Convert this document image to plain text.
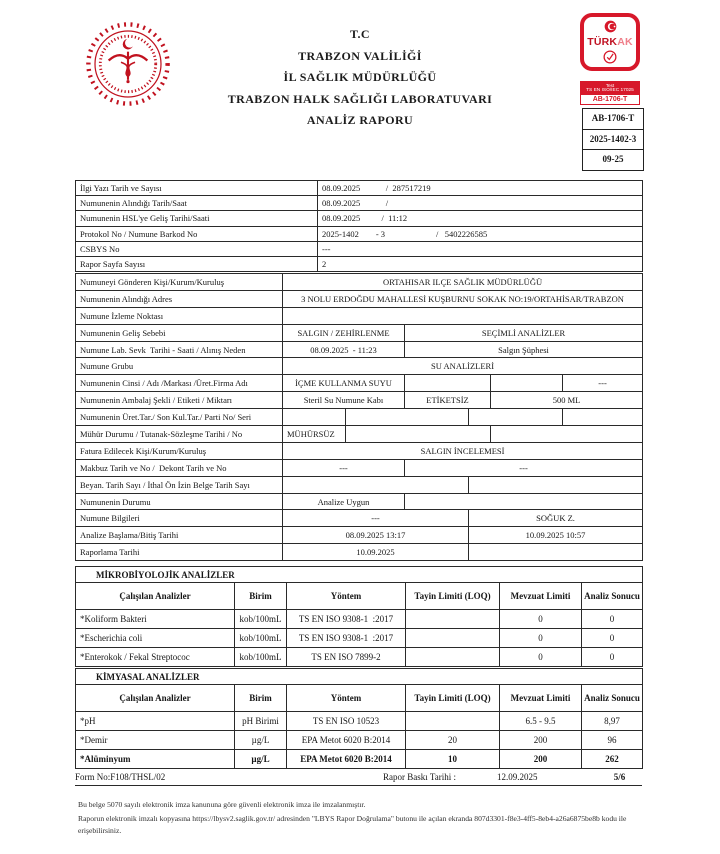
T.C
TRABZON VALİLİĞİ
İL SAĞLIK MÜDÜRLÜĞÜ
TRABZON HALK SAĞLIĞI LABORATUVARI
ANALİZ RAPORU
TÜRKAK
Test
TS EN ISO/IEC 17025
AB-1706-T
AB-1706-T
2025-1402-3
09-25
İlgi Yazı Tarih ve Sayısı	08.09.2025            /  287517219
Numunenin Alındığı Tarih/Saat	08.09.2025            /
Numunenin HSL'ye Geliş Tarihi/Saati	08.09.2025          /  11:12
Protokol No / Numune Barkod No	2025-1402        - 3                        /   5402226585
CSBYS No	---
Rapor Sayfa Sayısı	2
Numuneyi Gönderen Kişi/Kurum/Kuruluş	ORTAHISAR ILÇE SAĞLIK MÜDÜRLÜĞÜ					
Numunenin Alındığı Adres	3 NOLU ERDOĞDU MAHALLESİ KUŞBURNU SOKAK NO:19/ORTAHİSAR/TRABZON					
Numune İzleme Noktası						
Numunenin Geliş Sebebi	SALGIN / ZEHİRLENME		SEÇİMLİ ANALİZLER			
Numune Lab. Sevk  Tarihi - Saati / Alınış Neden	08.09.2025  - 11:23		Salgın Şüphesi			
Numune Grubu	SU ANALİZLERİ					
Numunenin Cinsi / Adı /Markası /Üret.Firma Adı	İÇME KULLANMA SUYU					---
Numunenin Ambalaj Şekli / Etiketi / Miktarı	Steril Su Numune Kabı		ETİKETSİZ		500 ML	
Numunenin Üret.Tar./ Son Kul.Tar./ Parti No/ Seri						
Mühür Durumu / Tutanak-Sözleşme Tarihi / No	MÜHÜRSÜZ					
Fatura Edilecek Kişi/Kurum/Kuruluş	SALGIN İNCELEMESİ					
Makbuz Tarih ve No /  Dekont Tarih ve No	---		---			
Beyan. Tarih Sayı / İthal Ön İzin Belge Tarih Sayı						
Numunenin Durumu	Analize Uygun					
Numune Bilgileri	---			SOĞUK Z.		
Analize Başlama/Bitiş Tarihi	08.09.2025 13:17			10.09.2025 10:57		
Raporlama Tarihi	10.09.2025					
MİKROBİYOLOJİK ANALİZLER					
Çalışılan Analizler	Birim	Yöntem	Tayin Limiti (LOQ)	Mevzuat Limiti	Analiz Sonucu
*Koliform Bakteri	kob/100mL	TS EN ISO 9308-1  :2017		0	0
*Escherichia coli	kob/100mL	TS EN ISO 9308-1  :2017		0	0
*Enterokok / Fekal Streptococ	kob/100mL	TS EN ISO 7899-2		0	0
KİMYASAL ANALİZLER					
Çalışılan Analizler	Birim	Yöntem	Tayin Limiti (LOQ)	Mevzuat Limiti	Analiz Sonucu
*pH	pH Birimi	TS EN ISO 10523		6.5 - 9.5	8,97
*Demir	µg/L	EPA Metot 6020 B:2014	20	200	96
*Alüminyum	µg/L	EPA Metot 6020 B:2014	10	200	262
Form No:F108/THSL/02	Rapor Baskı Tarihi :	12.09.2025	5/6

Bu belge 5070 sayılı elektronik imza kanununa göre güvenli elektronik imza ile imzalanmıştır.

Raporun elektronik imzalı kopyasına https://lbysv2.saglik.gov.tr/ adresinden "LBYS Rapor Doğrulama" butonu ile açılan ekranda 807d3301-f8e3-4ff5-8eb4-a26a6875be8b kodu ile erişebilirsiniz.
